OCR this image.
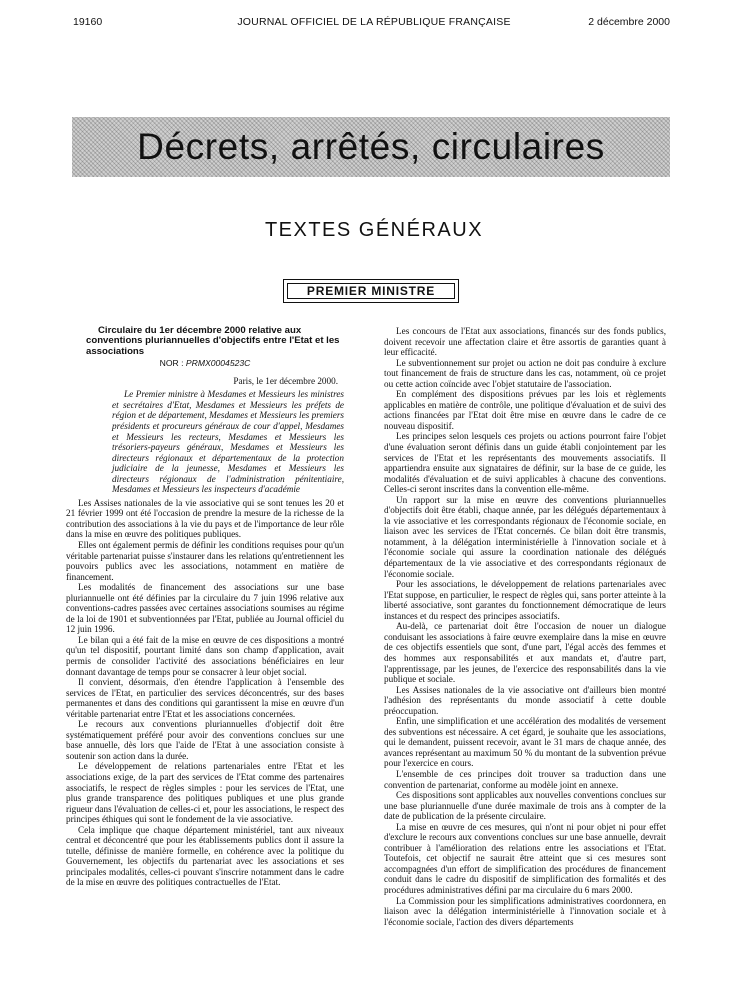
19160	JOURNAL OFFICIEL DE LA RÉPUBLIQUE FRANÇAISE	2 décembre 2000
Décrets, arrêtés, circulaires
TEXTES GÉNÉRAUX
PREMIER MINISTRE

Circulaire du 1er décembre 2000 relative aux conventions pluriannuelles d'objectifs entre l'Etat et les associations

NOR : PRMX0004523C

Paris, le 1er décembre 2000.

Le Premier ministre à Mesdames et Messieurs les ministres et secrétaires d'Etat, Mesdames et Messieurs les préfets de région et de département, Mesdames et Messieurs les premiers présidents et procureurs généraux de cour d'appel, Mesdames et Messieurs les recteurs, Mesdames et Messieurs les trésoriers-payeurs généraux, Mesdames et Messieurs les directeurs régionaux et départementaux de la protection judiciaire de la jeunesse, Mesdames et Messieurs les directeurs régionaux de l'administration pénitentiaire, Mesdames et Messieurs les inspecteurs d'académie

Les Assises nationales de la vie associative qui se sont tenues les 20 et 21 février 1999 ont été l'occasion de prendre la mesure de la richesse de la contribution des associations à la vie du pays et de l'importance de leur rôle dans la mise en œuvre des politiques publiques.

Elles ont également permis de définir les conditions requises pour qu'un véritable partenariat puisse s'instaurer dans les relations qu'entretiennent les pouvoirs publics avec les associations, notamment en matière de financement.

Les modalités de financement des associations sur une base pluriannuelle ont été définies par la circulaire du 7 juin 1996 relative aux conventions-cadres passées avec certaines associations soumises au régime de la loi de 1901 et subventionnées par l'Etat, publiée au Journal officiel du 12 juin 1996.

Le bilan qui a été fait de la mise en œuvre de ces dispositions a montré qu'un tel dispositif, pourtant limité dans son champ d'application, avait permis de consolider l'activité des associations bénéficiaires en leur donnant davantage de temps pour se consacrer à leur objet social.

Il convient, désormais, d'en étendre l'application à l'ensemble des services de l'Etat, en particulier des services déconcentrés, sur des bases permanentes et dans des conditions qui garantissent la mise en œuvre d'un véritable partenariat entre l'Etat et les associations concernées.

Le recours aux conventions pluriannuelles d'objectif doit être systématiquement préféré pour avoir des conventions conclues sur une base annuelle, dès lors que l'aide de l'Etat à une association consiste à soutenir son action dans la durée.

Le développement de relations partenariales entre l'Etat et les associations exige, de la part des services de l'Etat comme des partenaires associatifs, le respect de règles simples : pour les services de l'Etat, une plus grande transparence des politiques publiques et une plus grande rigueur dans l'évaluation de celles-ci et, pour les associations, le respect des principes éthiques qui sont le fondement de la vie associative.

Cela implique que chaque département ministériel, tant aux niveaux central et déconcentré que pour les établissements publics dont il assure la tutelle, définisse de manière formelle, en cohérence avec la politique du Gouvernement, les objectifs du partenariat avec les associations et ses principales modalités, celles-ci pouvant s'inscrire notamment dans le cadre de la mise en œuvre des politiques contractuelles de l'Etat.

Les concours de l'Etat aux associations, financés sur des fonds publics, doivent recevoir une affectation claire et être assortis de garanties quant à leur efficacité.

Le subventionnement sur projet ou action ne doit pas conduire à exclure tout financement de frais de structure dans les cas, notamment, où ce projet ou cette action coïncide avec l'objet statutaire de l'association.

En complément des dispositions prévues par les lois et règlements applicables en matière de contrôle, une politique d'évaluation et de suivi des actions financées par l'Etat doit être mise en œuvre dans le cadre de ce nouveau dispositif.

Les principes selon lesquels ces projets ou actions pourront faire l'objet d'une évaluation seront définis dans un guide établi conjointement par les services de l'Etat et les représentants des mouvements associatifs. Il appartiendra ensuite aux signataires de définir, sur la base de ce guide, les modalités d'évaluation et de suivi applicables à chacune des conventions. Celles-ci seront inscrites dans la convention elle-même.

Un rapport sur la mise en œuvre des conventions pluriannuelles d'objectifs doit être établi, chaque année, par les délégués départementaux à la vie associative et les correspondants régionaux de l'économie sociale, en liaison avec les services de l'Etat concernés. Ce bilan doit être transmis, notamment, à la délégation interministérielle à l'innovation sociale et à l'économie sociale qui assure la coordination nationale des délégués départementaux de la vie associative et des correspondants régionaux de l'économie sociale.

Pour les associations, le développement de relations partenariales avec l'Etat suppose, en particulier, le respect de règles qui, sans porter atteinte à la liberté associative, sont garantes du fonctionnement démocratique de leurs instances et du respect des principes associatifs.

Au-delà, ce partenariat doit être l'occasion de nouer un dialogue conduisant les associations à faire œuvre exemplaire dans la mise en œuvre de ces objectifs essentiels que sont, d'une part, l'égal accès des femmes et des hommes aux responsabilités et aux mandats et, d'autre part, l'apprentissage, par les jeunes, de l'exercice des responsabilités dans la vie publique et sociale.

Les Assises nationales de la vie associative ont d'ailleurs bien montré l'adhésion des représentants du monde associatif à cette double préoccupation.

Enfin, une simplification et une accélération des modalités de versement des subventions est nécessaire. A cet égard, je souhaite que les associations, qui le demandent, puissent recevoir, avant le 31 mars de chaque année, des avances représentant au maximum 50 % du montant de la subvention prévue pour l'exercice en cours.

L'ensemble de ces principes doit trouver sa traduction dans une convention de partenariat, conforme au modèle joint en annexe.

Ces dispositions sont applicables aux nouvelles conventions conclues sur une base pluriannuelle d'une durée maximale de trois ans à compter de la date de publication de la présente circulaire.

La mise en œuvre de ces mesures, qui n'ont ni pour objet ni pour effet d'exclure le recours aux conventions conclues sur une base annuelle, devrait contribuer à l'amélioration des relations entre les associations et l'Etat. Toutefois, cet objectif ne saurait être atteint que si ces mesures sont accompagnées d'un effort de simplification des procédures de financement conduit dans le cadre du dispositif de simplification des formalités et des procédures administratives défini par ma circulaire du 6 mars 2000.

La Commission pour les simplifications administratives coordonnera, en liaison avec la délégation interministérielle à l'innovation sociale et à l'économie sociale, l'action des divers départements
